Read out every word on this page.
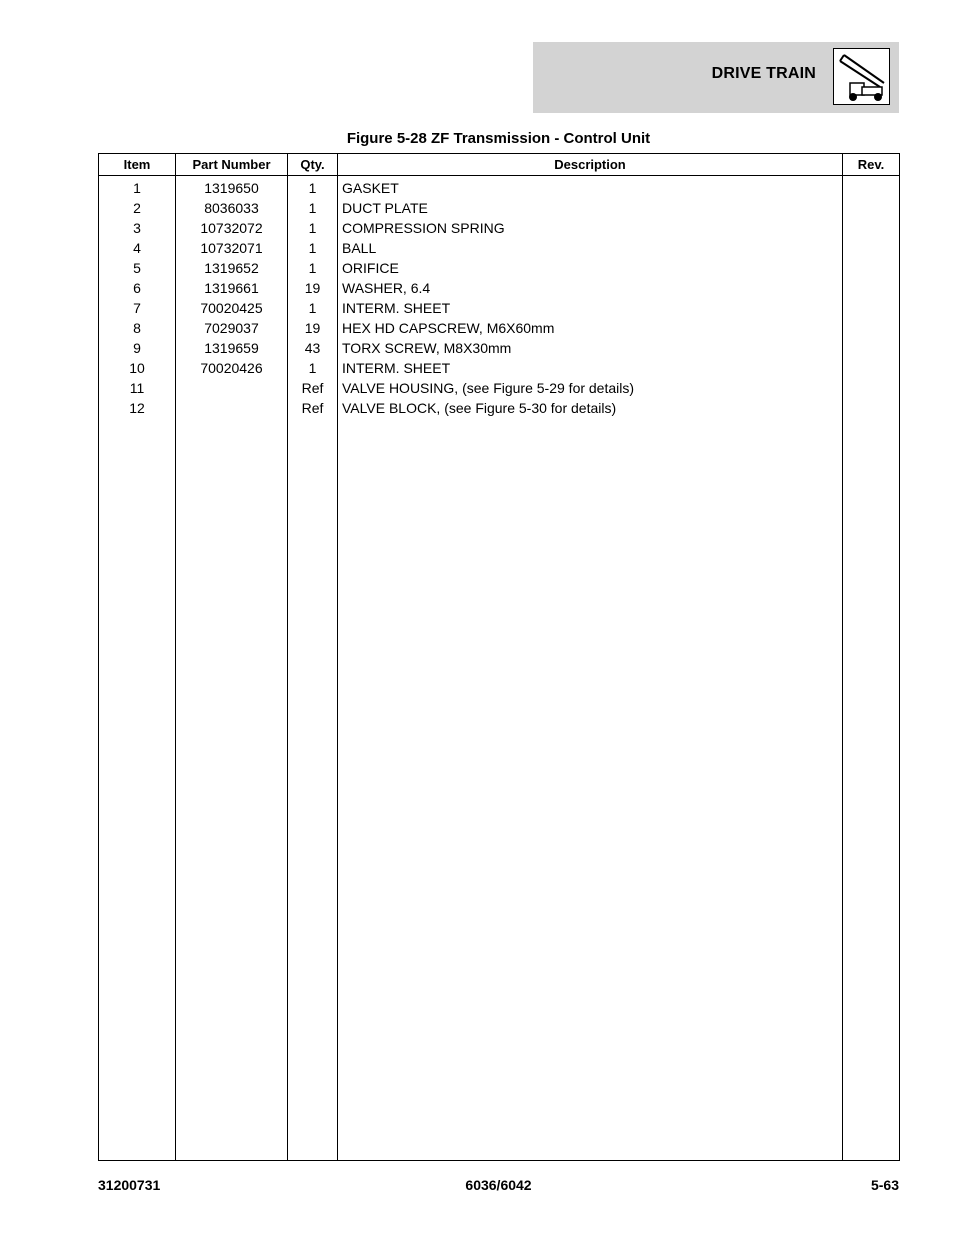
DRIVE TRAIN
Figure 5-28 ZF Transmission - Control Unit
Item	Part Number	Qty.	Description	Rev.
1	1319650	1	GASKET	
2	8036033	1	DUCT PLATE	
3	10732072	1	COMPRESSION SPRING	
4	10732071	1	BALL	
5	1319652	1	ORIFICE	
6	1319661	19	WASHER, 6.4	
7	70020425	1	INTERM. SHEET	
8	7029037	19	HEX HD CAPSCREW, M6X60mm	
9	1319659	43	TORX SCREW, M8X30mm	
10	70020426	1	INTERM. SHEET	
11		Ref	VALVE HOUSING, (see Figure 5-29 for details)	
12		Ref	VALVE BLOCK, (see Figure 5-30 for details)	

31200731	6036/6042	5-63
